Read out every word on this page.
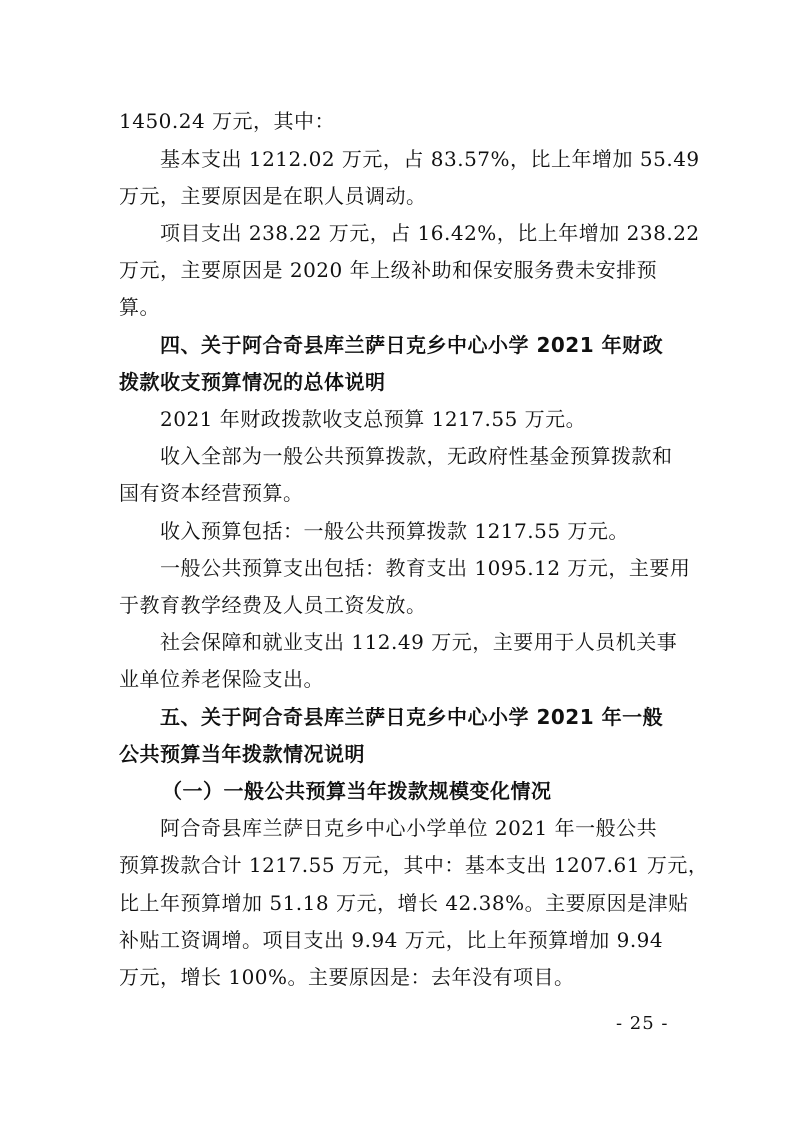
1450.24 万元，其中：
基本支出 1212.02 万元，占 83.57%，比上年增加 55.49
万元，主要原因是在职人员调动。
项目支出 238.22 万元，占 16.42%，比上年增加 238.22
万元，主要原因是 2020 年上级补助和保安服务费未安排预
算。
四、关于阿合奇县库兰萨日克乡中心小学 2021 年财政
拨款收支预算情况的总体说明
2021 年财政拨款收支总预算 1217.55 万元。
收入全部为一般公共预算拨款，无政府性基金预算拨款和
国有资本经营预算。
收入预算包括：一般公共预算拨款 1217.55 万元。
一般公共预算支出包括：教育支出 1095.12 万元，主要用
于教育教学经费及人员工资发放。
社会保障和就业支出 112.49 万元，主要用于人员机关事
业单位养老保险支出。
五、关于阿合奇县库兰萨日克乡中心小学 2021 年一般
公共预算当年拨款情况说明
（一）一般公共预算当年拨款规模变化情况
阿合奇县库兰萨日克乡中心小学单位 2021 年一般公共
预算拨款合计 1217.55 万元，其中：基本支出 1207.61 万元，
比上年预算增加 51.18 万元，增长 42.38%。主要原因是津贴
补贴工资调增。项目支出 9.94 万元，比上年预算增加 9.94
万元，增长 100%。主要原因是：去年没有项目。
- 25 -
